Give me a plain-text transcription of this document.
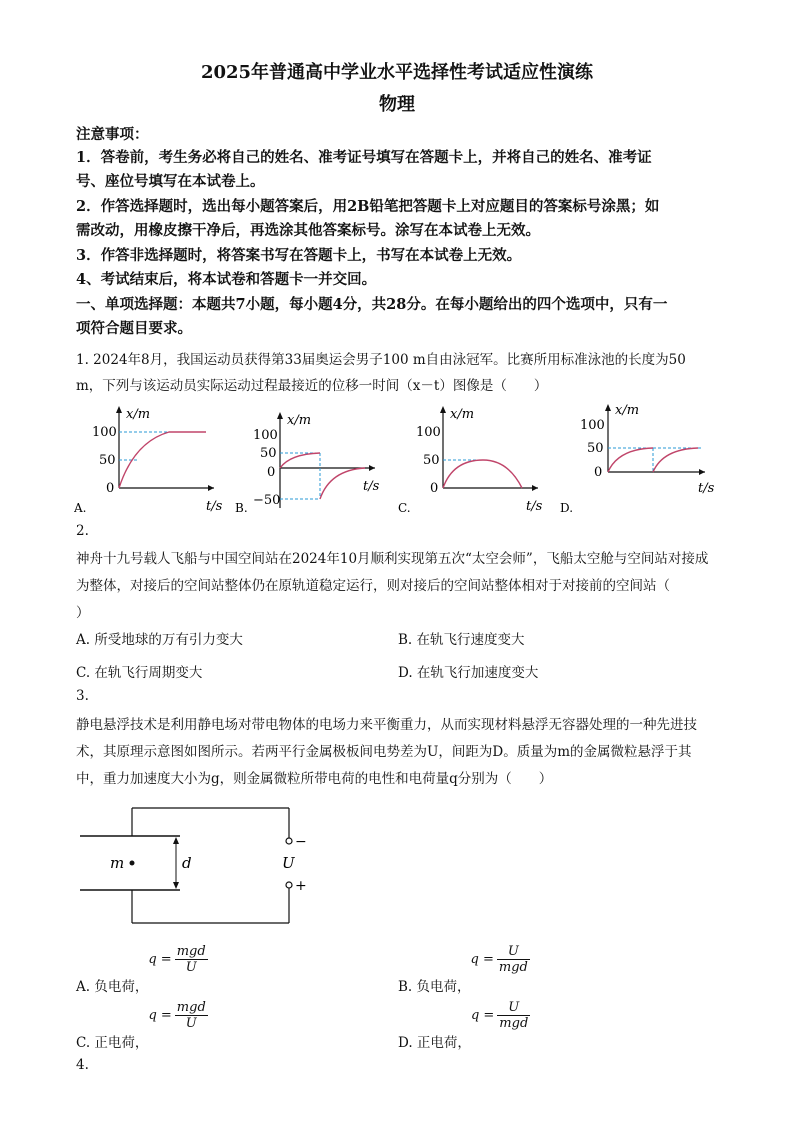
2025年普通高中学业水平选择性考试适应性演练
物理
注意事项：
1．答卷前，考生务必将自己的姓名、准考证号填写在答题卡上，并将自己的姓名、准考证
号、座位号填写在本试卷上。
2．作答选择题时，选出每小题答案后，用2B铅笔把答题卡上对应题目的答案标号涂黑；如
需改动，用橡皮擦干净后，再选涂其他答案标号。涂写在本试卷上无效。
3．作答非选择题时，将答案书写在答题卡上，书写在本试卷上无效。
4、考试结束后，将本试卷和答题卡一并交回。
一、单项选择题：本题共7小题，每小题4分，共28分。在每小题给出的四个选项中，只有一
项符合题目要求。
1. 2024年8月，我国运动员获得第33届奥运会男子100 m自由泳冠军。比赛所用标准泳池的长度为50
m，下列与该运动员实际运动过程最接近的位移一时间（x－t）图像是（　　）
x/m
t/s
100
50
0
A.
x/m
t/s
100
50
0
−50
B.
x/m
t/s
100
50
0
C.
x/m
t/s
100
50
0
D.
2.
神舟十九号载人飞船与中国空间站在2024年10月顺利实现第五次“太空会师”，飞船太空舱与空间站对接成
为整体，对接后的空间站整体仍在原轨道稳定运行，则对接后的空间站整体相对于对接前的空间站（
）
A. 所受地球的万有引力变大	B. 在轨飞行速度变大
C. 在轨飞行周期变大	D. 在轨飞行加速度变大
3.
静电悬浮技术是利用静电场对带电物体的电场力来平衡重力，从而实现材料悬浮无容器处理的一种先进技
术，其原理示意图如图所示。若两平行金属极板间电势差为U，间距为D。质量为m的金属微粒悬浮于其
中，重力加速度大小为g，则金属微粒所带电荷的电性和电荷量q分别为（　　）
m	d	U
−
+
$_{A. 负电荷,}q = \frac{\text{mgd}}{U}$
$_{B. 负电荷,}q = \frac{U}{\text{mgd}}$
$_{C. 正电荷,}q = \frac{\text{mgd}}{U}$
$_{D. 正电荷,}q = \frac{U}{\text{mgd}}$
4.
